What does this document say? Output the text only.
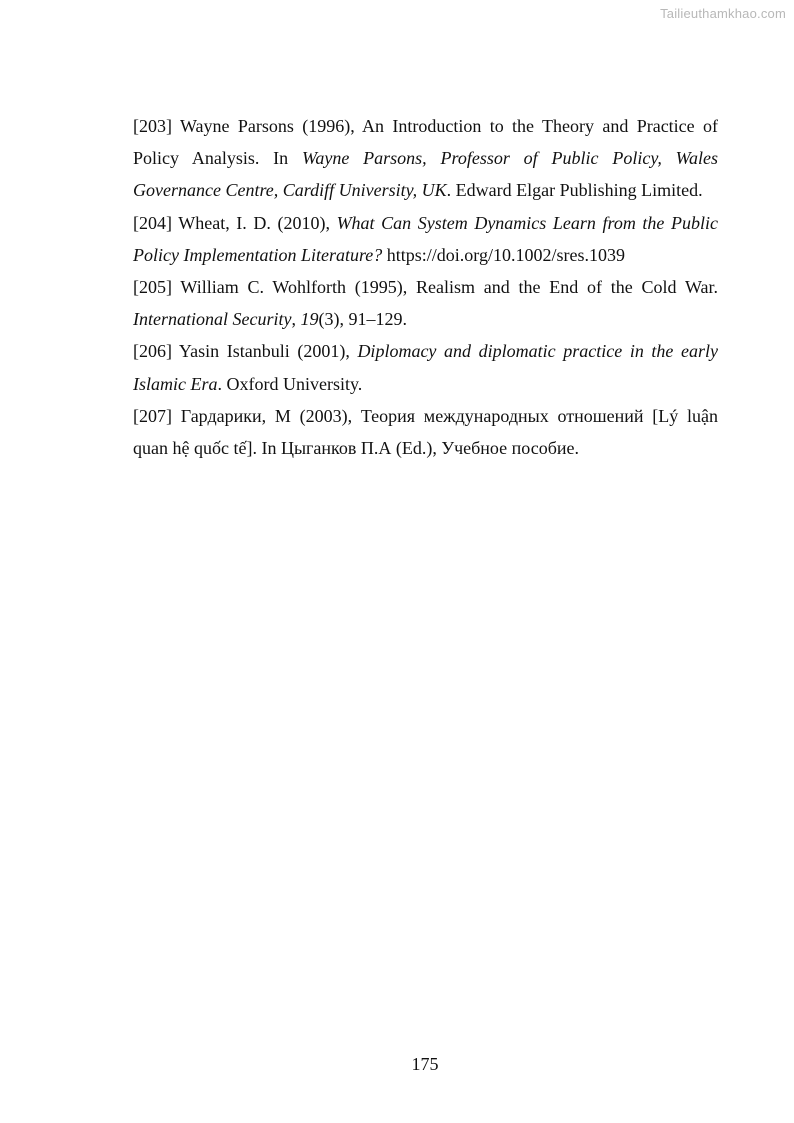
Tailieuthamkhao.com

[203] Wayne Parsons (1996), An Introduction to the Theory and Practice of Policy Analysis. In Wayne Parsons, Professor of Public Policy, Wales Governance Centre, Cardiff University, UK. Edward Elgar Publishing Limited.

[204] Wheat, I. D. (2010), What Can System Dynamics Learn from the Public Policy Implementation Literature? https://doi.org/10.1002/sres.1039

[205] William C. Wohlforth (1995), Realism and the End of the Cold War. International Security, 19(3), 91–129.

[206] Yasin Istanbuli (2001), Diplomacy and diplomatic practice in the early Islamic Era. Oxford University.

[207] Гардарики, М (2003), Теория международных отношений [Lý luận quan hệ quốc tế]. In Цыганков П.А (Ed.), Учебное пособие.

175
